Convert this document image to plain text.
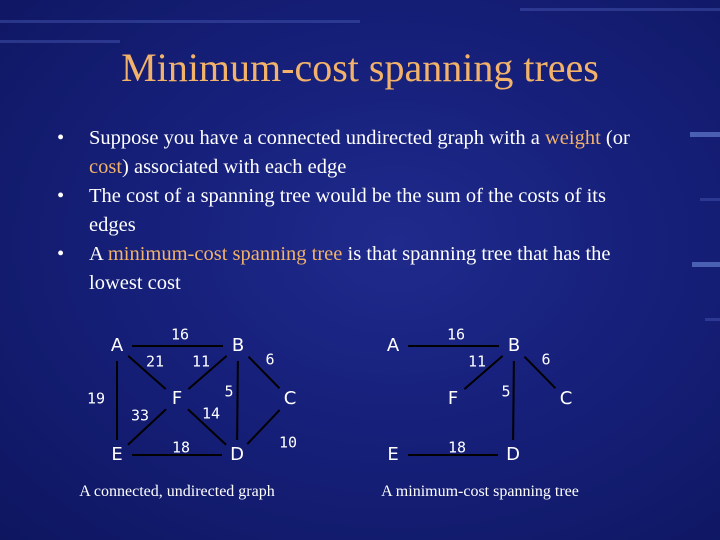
Minimum-cost spanning trees
• Suppose you have a connected undirected graph with a weight (or cost) associated with each edge
• The cost of a spanning tree would be the sum of the costs of its edges
• A minimum-cost spanning tree is that spanning tree that has the lowest cost
16
21
19
11	6
5
33	14
18	10
A	B
C
D
E
F
16
11	6
5
18
A	B
C
D
E
F
A connected, undirected graph	A minimum-cost spanning tree
